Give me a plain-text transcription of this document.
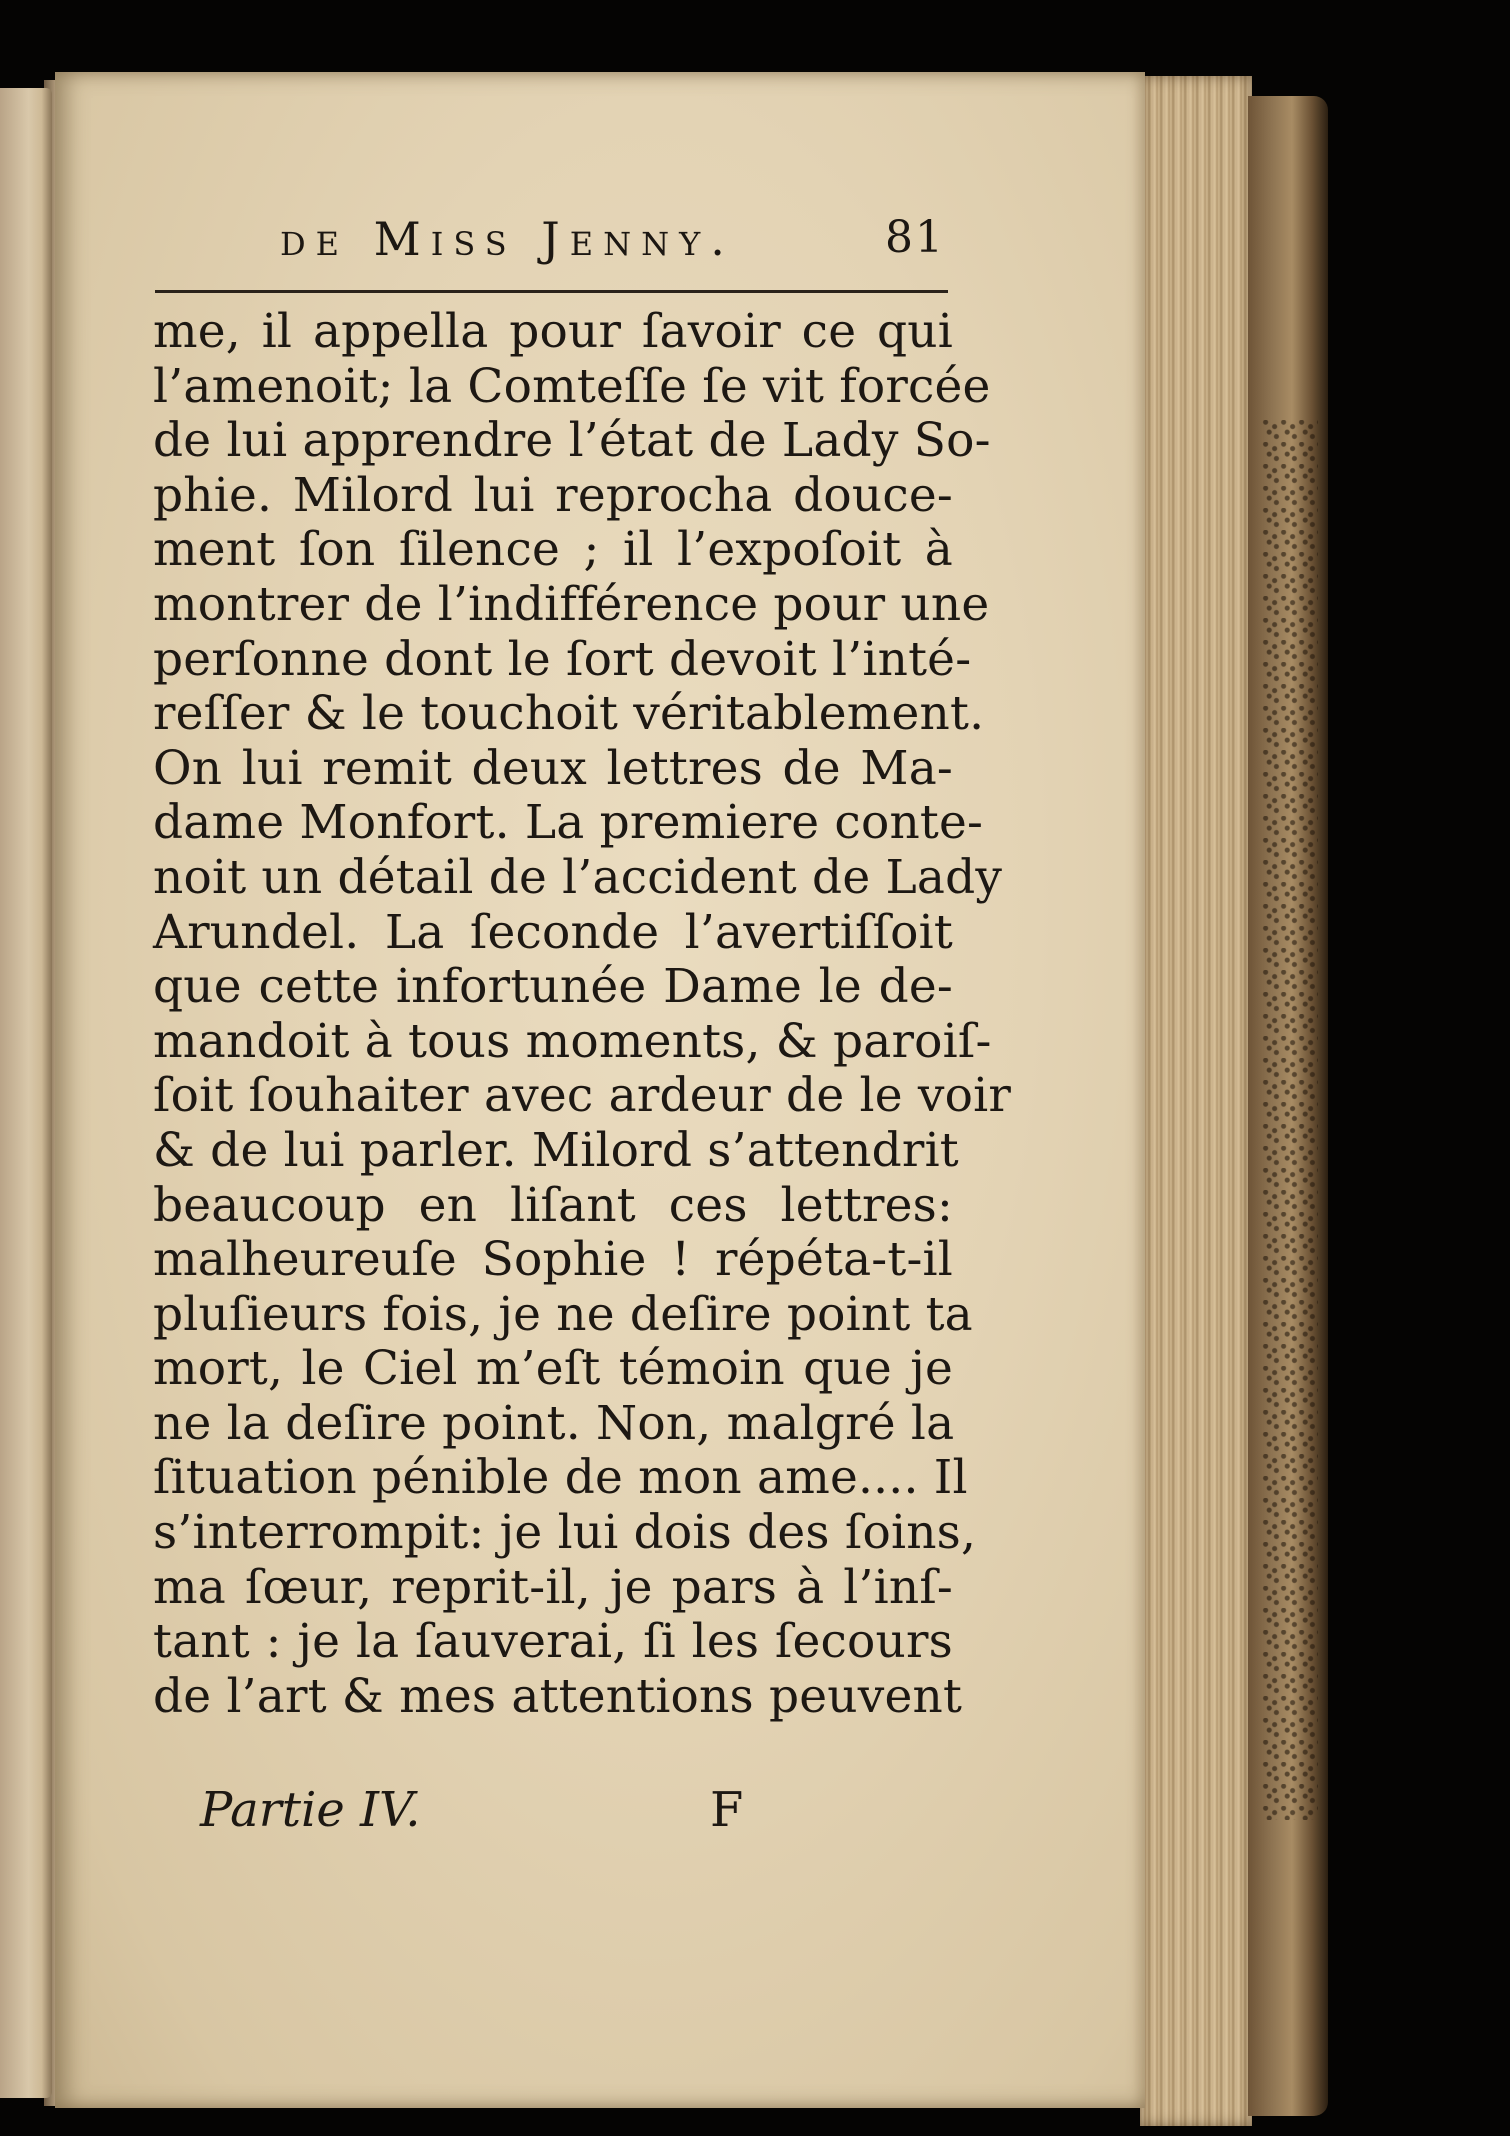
de Miss Jenny.	81
me, il appella pour ſavoir ce qui
l’amenoit; la Comteſſe ſe vit forcée
de lui apprendre l’état de Lady So-
phie. Milord lui reprocha douce-
ment ſon ſilence ; il l’expoſoit à
montrer de l’indifférence pour une
perſonne dont le ſort devoit l’inté-
reſſer & le touchoit véritablement.
On lui remit deux lettres de Ma-
dame Monfort. La premiere conte-
noit un détail de l’accident de Lady
Arundel. La ſeconde l’avertiſſoit
que cette infortunée Dame le de-
mandoit à tous moments, & paroiſ-
ſoit ſouhaiter avec ardeur de le voir
& de lui parler. Milord s’attendrit
beaucoup en liſant ces lettres:
malheureuſe Sophie ! répéta-t-il
pluſieurs fois, je ne deſire point ta
mort, le Ciel m’eſt témoin que je
ne la deſire point. Non, malgré la
ſituation pénible de mon ame.... Il
s’interrompit: je lui dois des ſoins,
ma ſœur, reprit-il, je pars à l’inſ-
tant : je la ſauverai, ſi les ſecours
de l’art & mes attentions peuvent
Partie IV.	F
